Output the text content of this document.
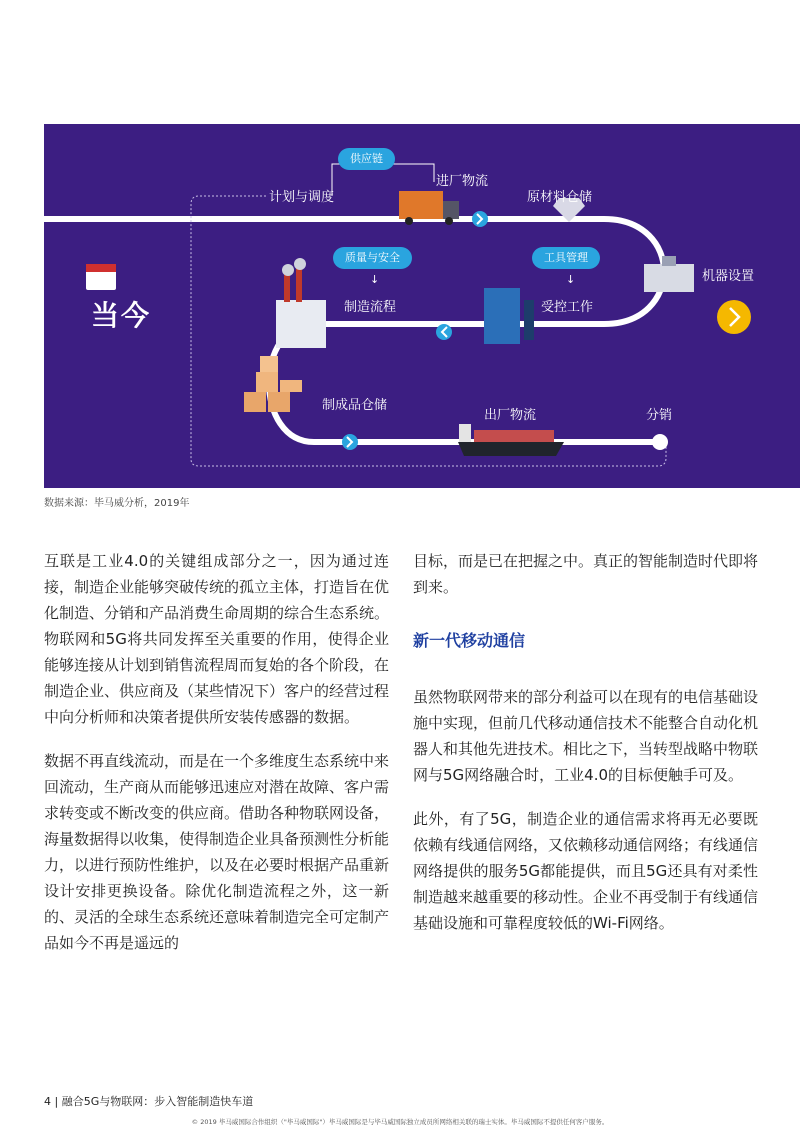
当今
计划与调度
供应链
进厂物流
原材料仓储
机器设置
质量与安全
↓
制造流程
工具管理
↓
受控工作
制成品仓储
出厂物流	分销
数据来源：毕马威分析，2019年

互联是工业4.0的关键组成部分之一，因为通过连接，制造企业能够突破传统的孤立主体，打造旨在优化制造、分销和产品消费生命周期的综合生态系统。物联网和5G将共同发挥至关重要的作用，使得企业能够连接从计划到销售流程周而复始的各个阶段，在制造企业、供应商及（某些情况下）客户的经营过程中向分析师和决策者提供所安装传感器的数据。

数据不再直线流动，而是在一个多维度生态系统中来回流动，生产商从而能够迅速应对潜在故障、客户需求转变或不断改变的供应商。借助各种物联网设备，海量数据得以收集，使得制造企业具备预测性分析能力，以进行预防性维护，以及在必要时根据产品重新设计安排更换设备。除优化制造流程之外，这一新的、灵活的全球生态系统还意味着制造完全可定制产品如今不再是遥远的

目标，而是已在把握之中。真正的智能制造时代即将到来。

新一代移动通信

虽然物联网带来的部分利益可以在现有的电信基础设施中实现，但前几代移动通信技术不能整合自动化机器人和其他先进技术。相比之下，当转型战略中物联网与5G网络融合时，工业4.0的目标便触手可及。

此外，有了5G，制造企业的通信需求将再无必要既依赖有线通信网络，又依赖移动通信网络；有线通信网络提供的服务5G都能提供，而且5G还具有对柔性制造越来越重要的移动性。企业不再受制于有线通信基础设施和可靠程度较低的Wi-Fi网络。

4 | 融合5G与物联网：步入智能制造快车道
© 2019 毕马威国际合作组织（"毕马威国际"）毕马威国际是与毕马威国际独立成员所网络相关联的瑞士实体。毕马威国际不提供任何客户服务。
